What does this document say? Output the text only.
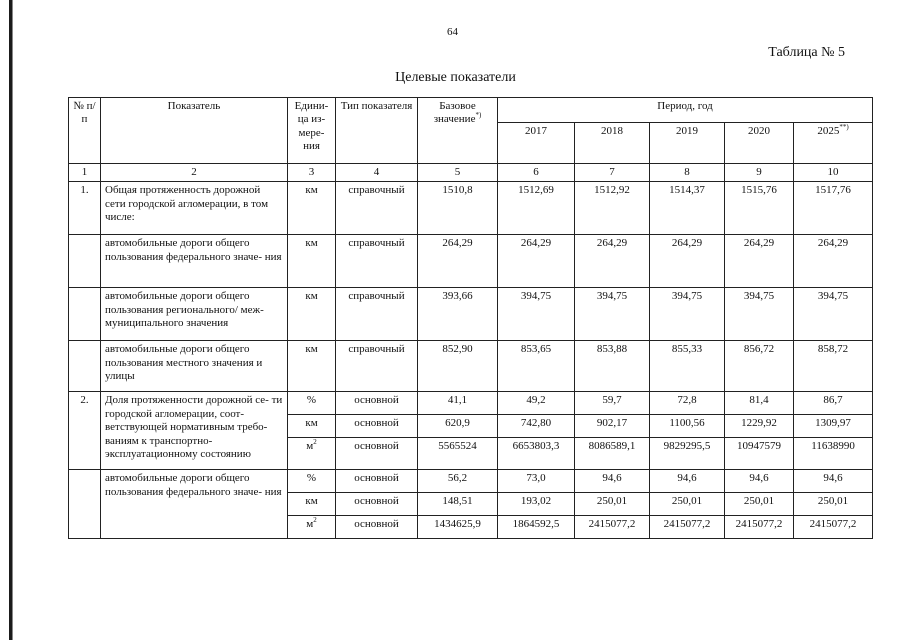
64
Таблица № 5
Целевые показатели
№ п/п	Показатель	Едини- ца из- мере- ния	Тип показателя	Базовое значение*)	Период, год				
					2017	2018	2019	2020	2025**)
1	2	3	4	5	6	7	8	9	10
1.	Общая протяженность дорожной сети городской агломерации, в том числе:	км	справочный	1510,8	1512,69	1512,92	1514,37	1515,76	1517,76
	автомобильные дороги общего пользования федерального значе- ния	км	справочный	264,29	264,29	264,29	264,29	264,29	264,29
	автомобильные дороги общего пользования регионального/ меж- муниципального значения	км	справочный	393,66	394,75	394,75	394,75	394,75	394,75
	автомобильные дороги общего пользования местного значения и улицы	км	справочный	852,90	853,65	853,88	855,33	856,72	858,72
2.	Доля протяженности дорожной се- ти городской агломерации, соот- ветствующей нормативным требо- ваниям к транспортно- эксплуатационному состоянию	%	основной	41,1	49,2	59,7	72,8	81,4	86,7
		км	основной	620,9	742,80	902,17	1100,56	1229,92	1309,97
		$м^2$	основной	5565524	6653803,3	8086589,1	9829295,5	10947579	11638990
	автомобильные дороги общего пользования федерального значе- ния	%	основной	56,2	73,0	94,6	94,6	94,6	94,6
		км	основной	148,51	193,02	250,01	250,01	250,01	250,01
		$м^2$	основной	1434625,9	1864592,5	2415077,2	2415077,2	2415077,2	2415077,2
